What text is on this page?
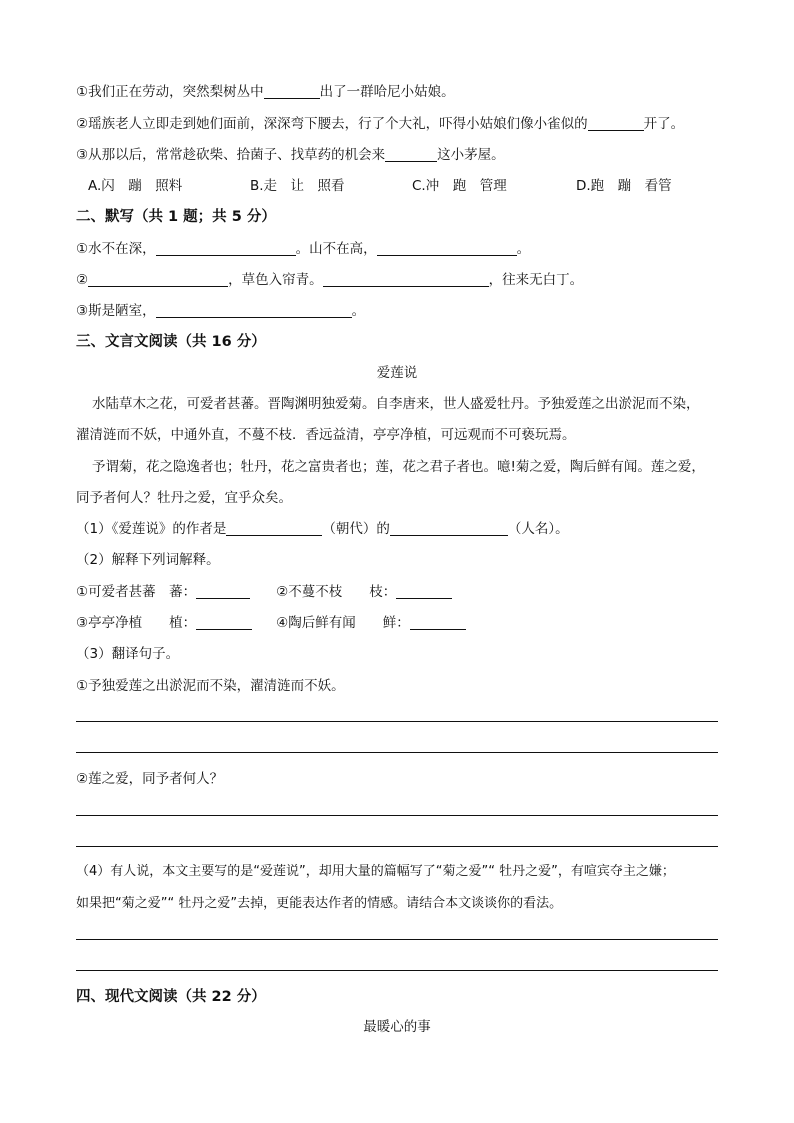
①我们正在劳动，突然梨树丛中	出了一群哈尼小姑娘。
②瑶族老人立即走到她们面前，深深弯下腰去，行了个大礼，吓得小姑娘们像小雀似的	开了。
③从那以后，常常趁砍柴、拾菌子、找草药的机会来	这小茅屋。
A.闪　蹦　照料	B.走　让　照看	C.冲　跑　管理	D.跑　蹦　看管
二、默写（共 1 题；共 5 分）
①水不在深，	。山不在高，	。
②	，草色入帘青。	，往来无白丁。
③斯是陋室，	。
三、文言文阅读（共 16 分）
爱莲说
水陆草木之花，可爱者甚蕃。晋陶渊明独爱菊。自李唐来，世人盛爱牡丹。予独爱莲之出淤泥而不染，
濯清涟而不妖，中通外直，不蔓不枝．香远益清，亭亭净植，可远观而不可亵玩焉。
予谓菊，花之隐逸者也；牡丹，花之富贵者也；莲，花之君子者也。噫!菊之爱，陶后鲜有闻。莲之爱，
同予者何人？牡丹之爱，宜乎众矣。
（1）《爱莲说》的作者是	（朝代）的	（人名）。
（2）解释下列词解释。
①可爱者甚蕃　蕃：	②不蔓不枝　　枝：
③亭亭净植　　植：	④陶后鲜有闻　　鲜：
（3）翻译句子。
①予独爱莲之出淤泥而不染，濯清涟而不妖。
②莲之爱，同予者何人？
（4）有人说，本文主要写的是“爱莲说”，却用大量的篇幅写了“菊之爱”“ 牡丹之爱”，有喧宾夺主之嫌；
如果把“菊之爱”“ 牡丹之爱”去掉，更能表达作者的情感。请结合本文谈谈你的看法。
四、现代文阅读（共 22 分）
最暖心的事
